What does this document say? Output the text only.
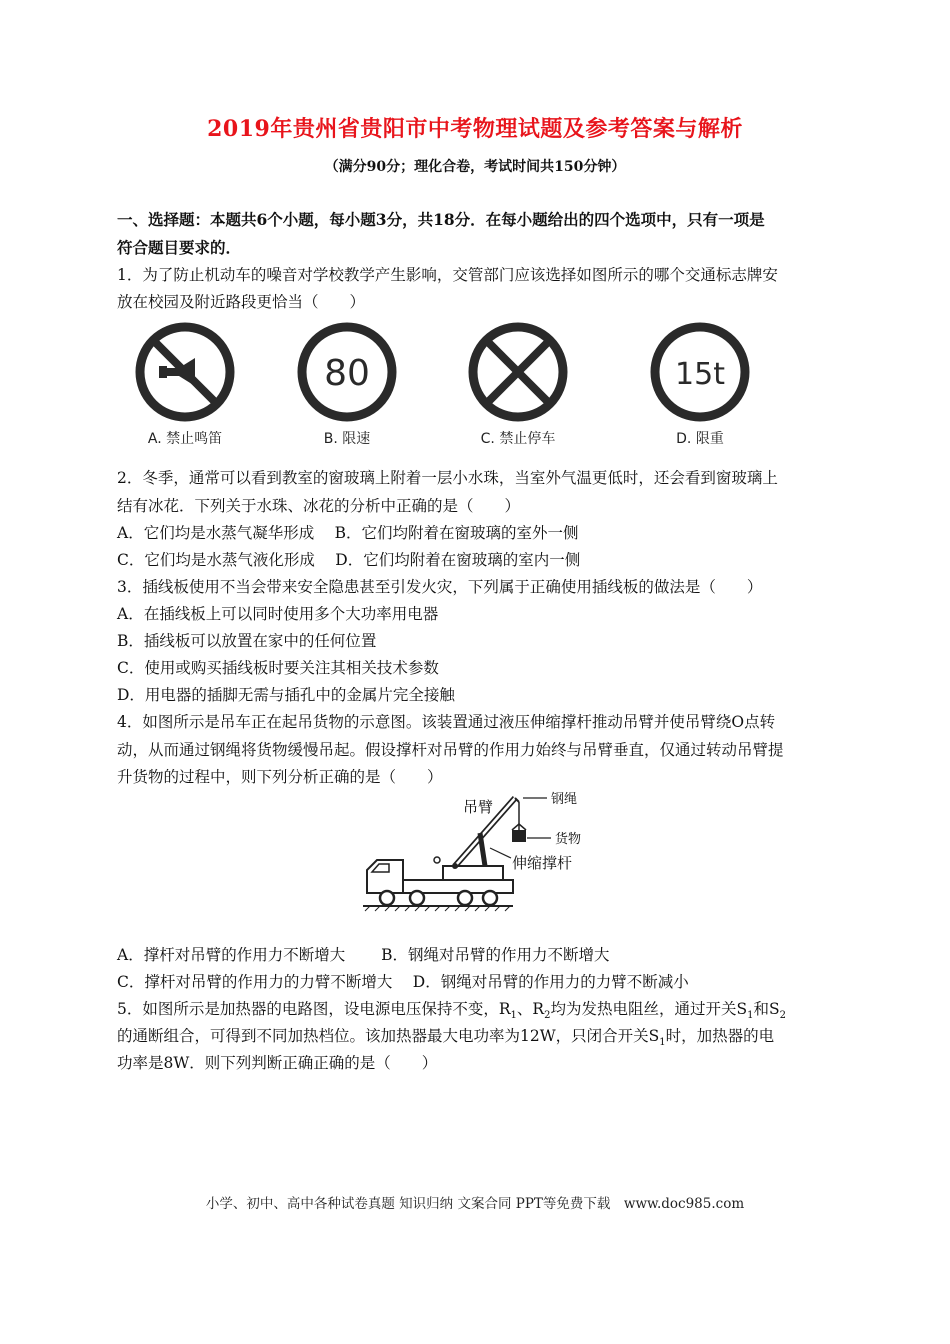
2019年贵州省贵阳市中考物理试题及参考答案与解析
（满分90分；理化合卷，考试时间共150分钟）
一、选择题：本题共6个小题，每小题3分，共18分．在每小题给出的四个选项中，只有一项是
符合题目要求的．
1．为了防止机动车的噪音对学校教学产生影响，交管部门应该选择如图所示的哪个交通标志牌安
放在校园及附近路段更恰当（　　）
A. 禁止鸣笛
80
B. 限速	C. 禁止停车
15t
D. 限重
2．冬季，通常可以看到教室的窗玻璃上附着一层小水珠，当室外气温更低时，还会看到窗玻璃上
结有冰花．下列关于水珠、冰花的分析中正确的是（　　）
A．它们均是水蒸气凝华形成　 B．它们均附着在窗玻璃的室外一侧
C．它们均是水蒸气液化形成　 D．它们均附着在窗玻璃的室内一侧
3．插线板使用不当会带来安全隐患甚至引发火灾，下列属于正确使用插线板的做法是（　　）
A．在插线板上可以同时使用多个大功率用电器
B．插线板可以放置在家中的任何位置
C．使用或购买插线板时要关注其相关技术参数
D．用电器的插脚无需与插孔中的金属片完全接触
4．如图所示是吊车正在起吊货物的示意图。该装置通过液压伸缩撑杆推动吊臂并使吊臂绕O点转
动，从而通过钢绳将货物缓慢吊起。假设撑杆对吊臂的作用力始终与吊臂垂直，仅通过转动吊臂提
升货物的过程中，则下列分析正确的是（　　）
吊臂	钢绳
货物
伸缩撑杆
A．撑杆对吊臂的作用力不断增大　　 B．钢绳对吊臂的作用力不断增大
C．撑杆对吊臂的作用力的力臂不断增大　 D．钢绳对吊臂的作用力的力臂不断减小
5．如图所示是加热器的电路图，设电源电压保持不变，$R_1$、$R_2$均为发热电阻丝，通过开关$S_1$和$S_2$
的通断组合，可得到不同加热档位。该加热器最大电功率为12W，只闭合开关$S_1$时，加热器的电
功率是8W．则下列判断正确正确的是（　　）
小学、初中、高中各种试卷真题 知识归纳 文案合同 PPT等免费下载　www.doc985.com
